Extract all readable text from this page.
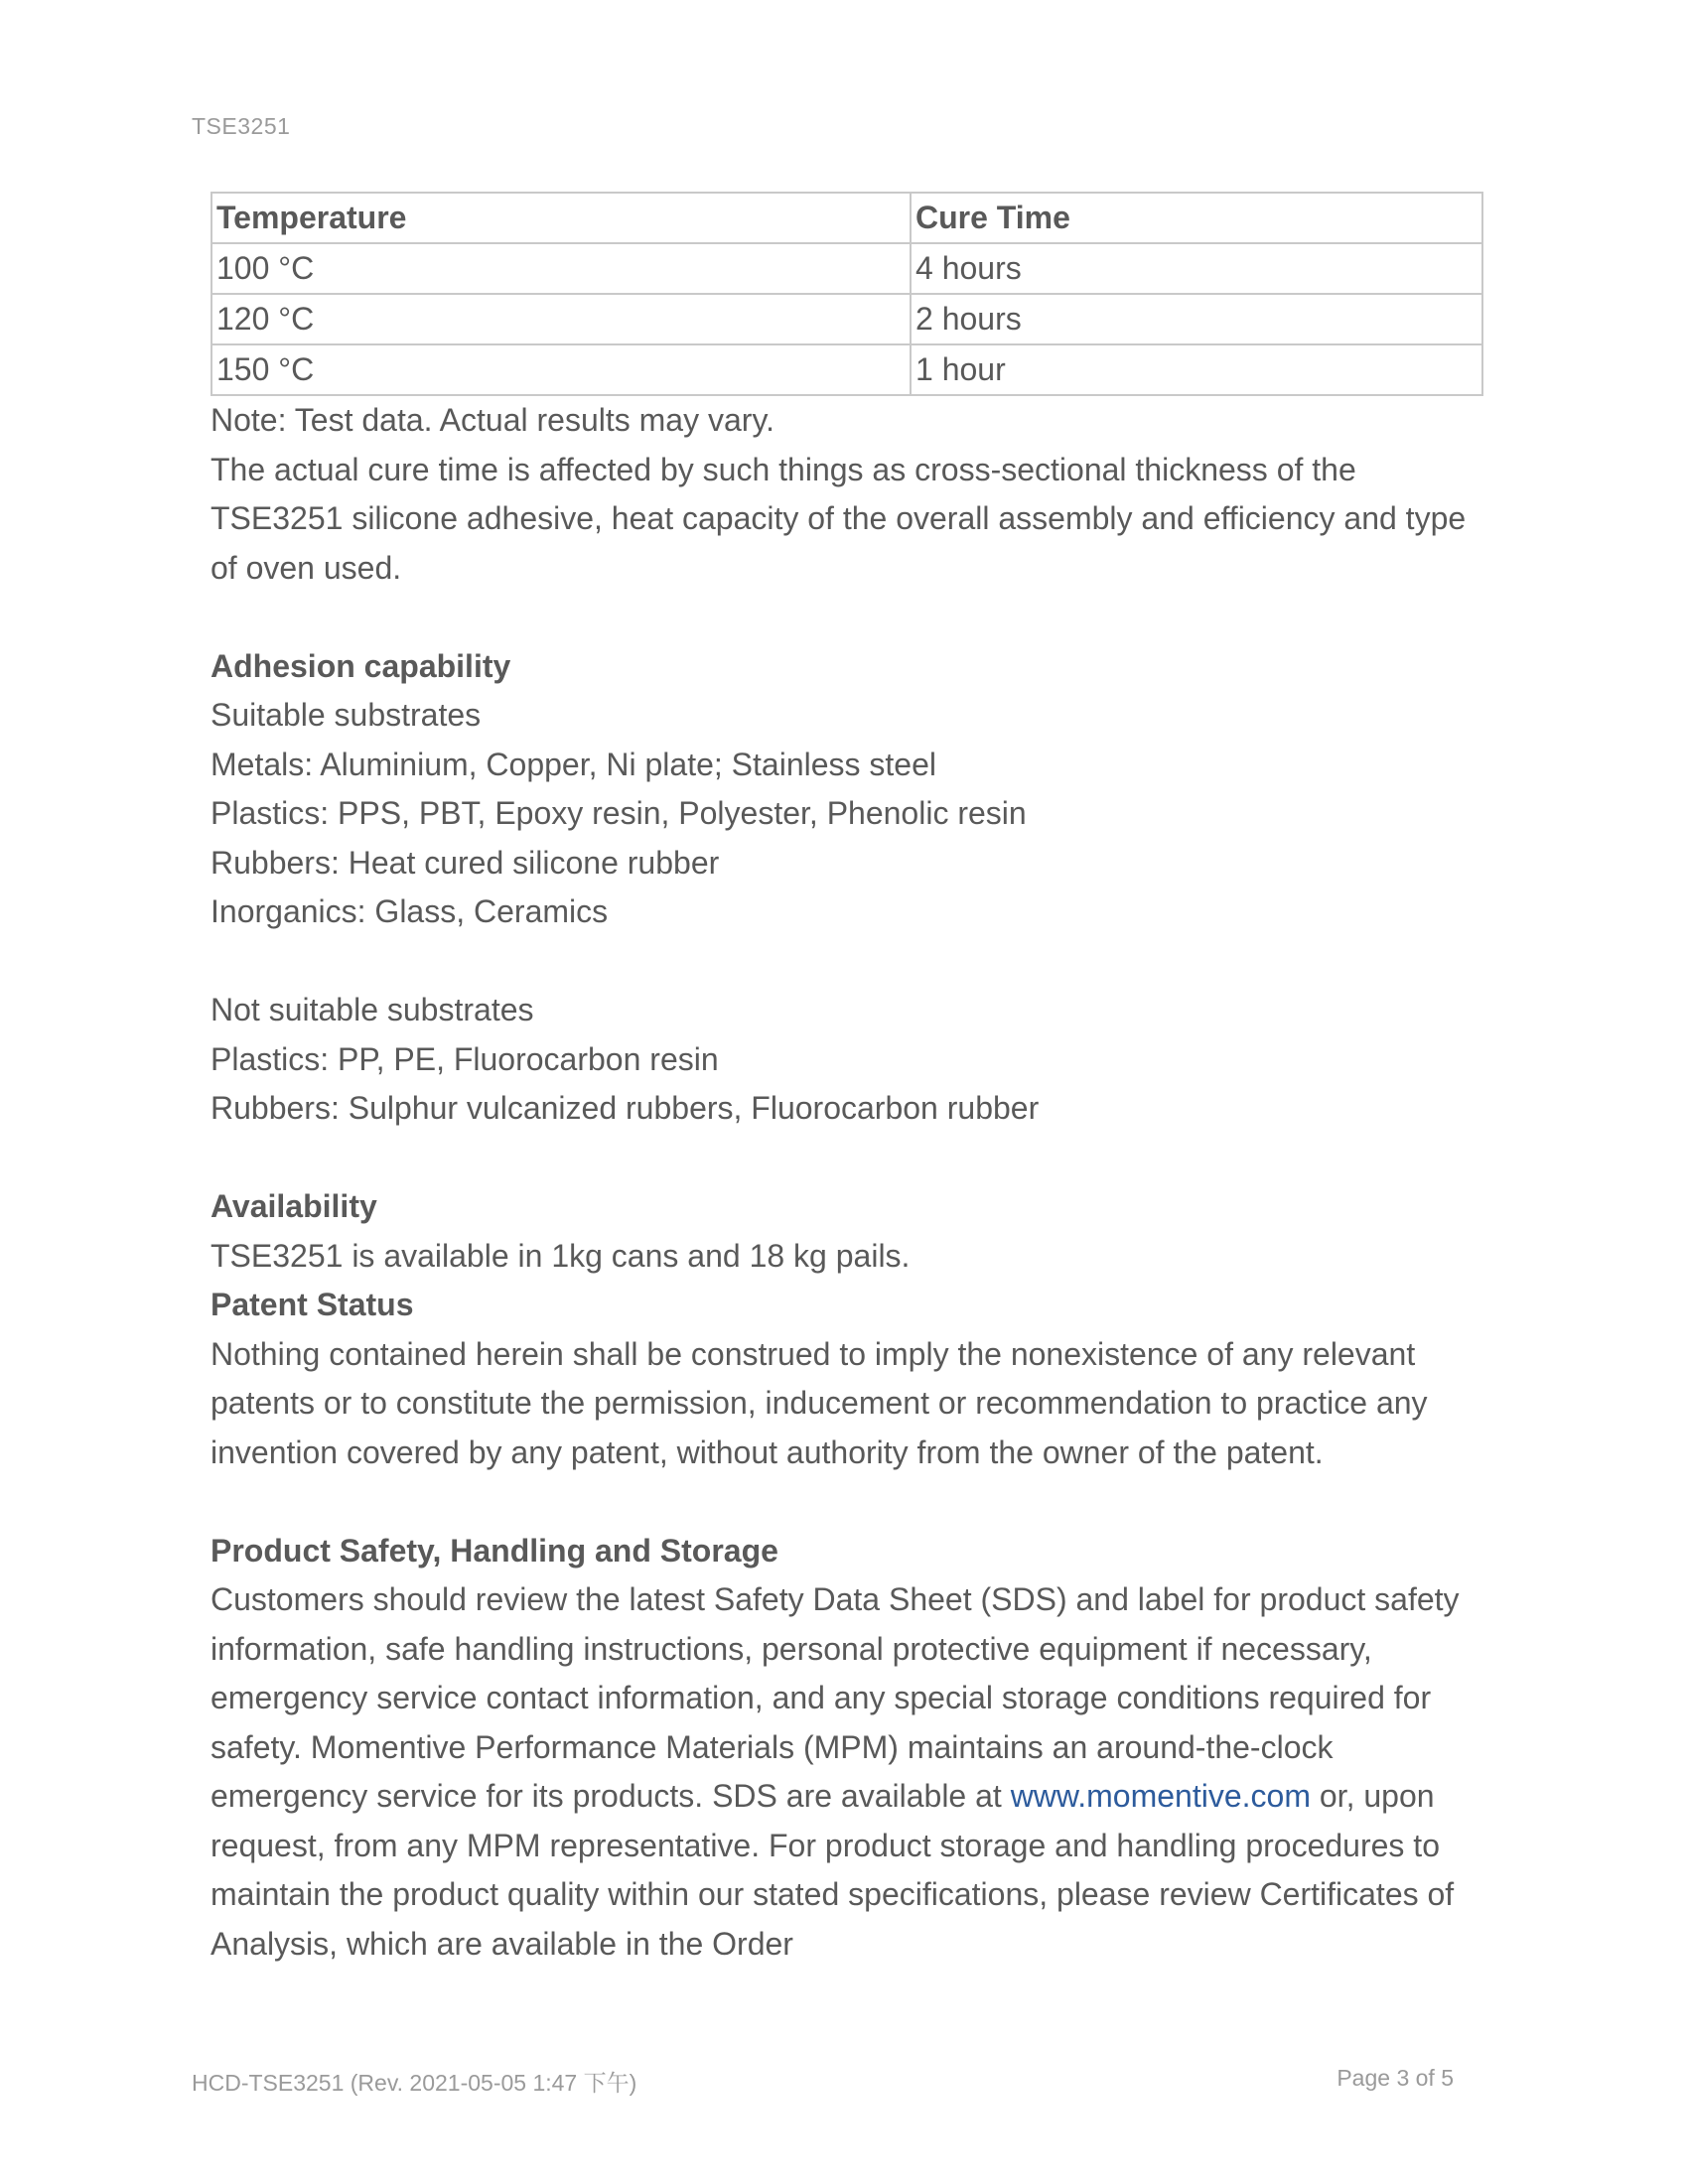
TSE3251
Temperature	Cure Time
100 °C	4 hours
120 °C	2 hours
150 °C	1 hour

Note: Test data. Actual results may vary.

The actual cure time is affected by such things as cross-sectional thickness of the TSE3251 silicone adhesive, heat capacity of the overall assembly and efficiency and type of oven used.

Adhesion capability

Suitable substrates

Metals: Aluminium, Copper, Ni plate; Stainless steel

Plastics: PPS, PBT, Epoxy resin, Polyester, Phenolic resin

Rubbers: Heat cured silicone rubber

Inorganics: Glass, Ceramics

Not suitable substrates

Plastics: PP, PE, Fluorocarbon resin

Rubbers: Sulphur vulcanized rubbers, Fluorocarbon rubber

Availability

TSE3251 is available in 1kg cans and 18 kg pails.

Patent Status

Nothing contained herein shall be construed to imply the nonexistence of any relevant patents or to constitute the permission, inducement or recommendation to practice any invention covered by any patent, without authority from the owner of the patent.

Product Safety, Handling and Storage

Customers should review the latest Safety Data Sheet (SDS) and label for product safety information, safe handling instructions, personal protective equipment if necessary, emergency service contact information, and any special storage conditions required for safety. Momentive Performance Materials (MPM) maintains an around-the-clock emergency service for its products. SDS are available at www.momentive.com or, upon request, from any MPM representative. For product storage and handling procedures to maintain the product quality within our stated specifications, please review Certificates of Analysis, which are available in the Order

HCD-TSE3251 (Rev. 2021-05-05 1:47 下午)	Page 3 of 5
